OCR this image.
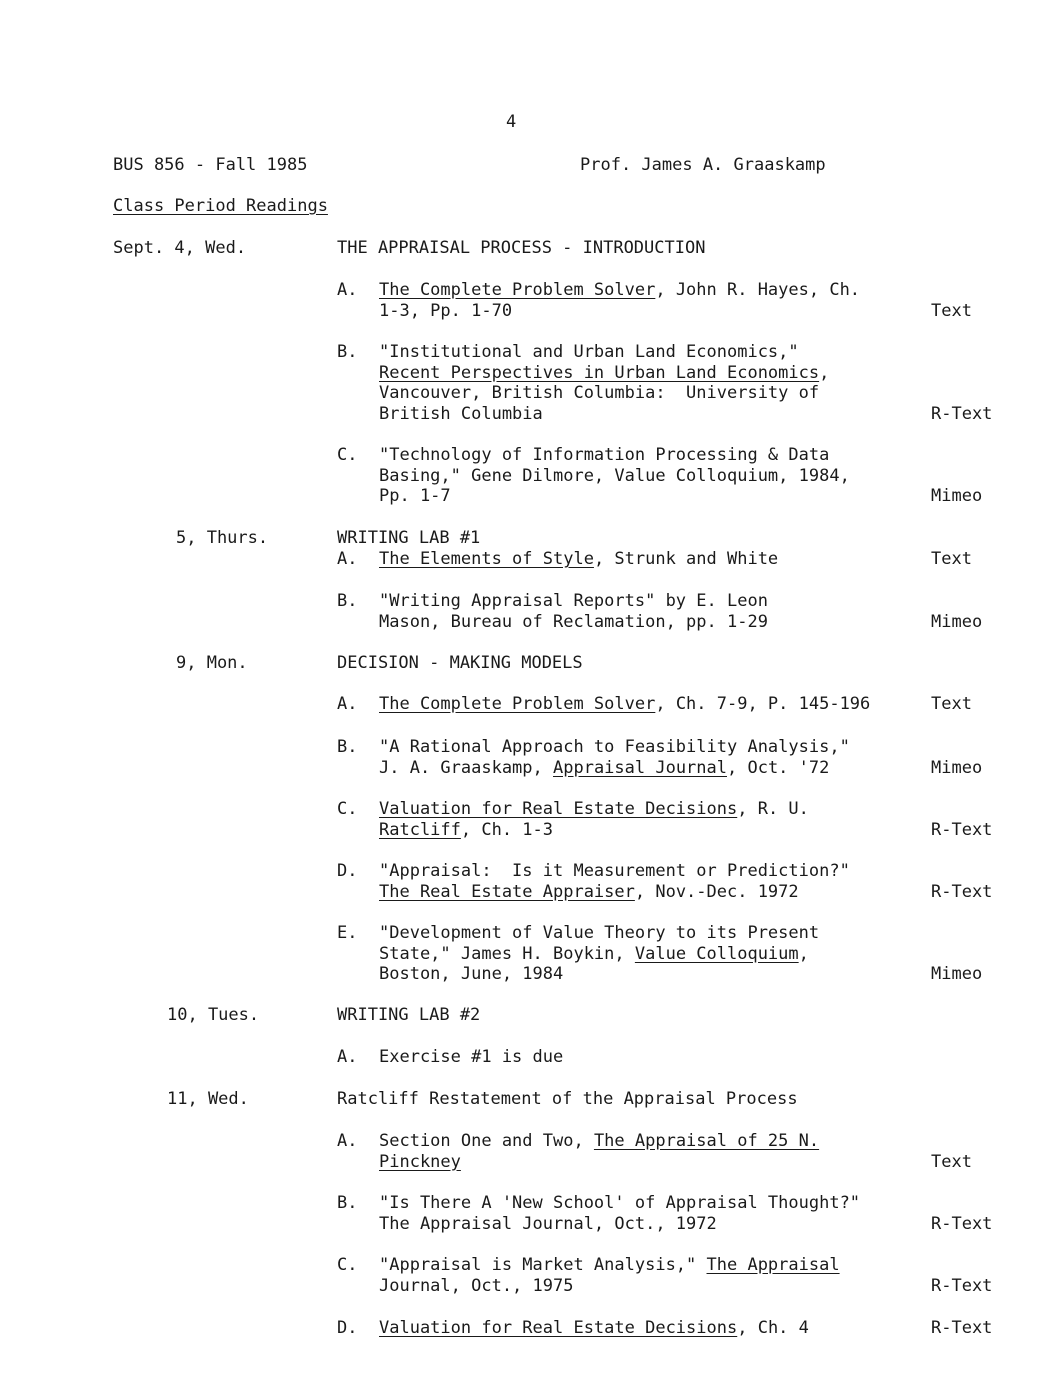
4
BUS 856 - Fall 1985	Prof. James A. Graaskamp
Class Period Readings
Sept. 4, Wed.	THE APPRAISAL PROCESS - INTRODUCTION
A. The Complete Problem Solver, John R. Hayes, Ch.
1-3, Pp. 1-70	Text
B. "Institutional and Urban Land Economics,"
Recent Perspectives in Urban Land Economics,
Vancouver, British Columbia:  University of
British Columbia	R-Text
C. "Technology of Information Processing & Data
Basing," Gene Dilmore, Value Colloquium, 1984,
Pp. 1-7	Mimeo
5, Thurs.	WRITING LAB #1
A. The Elements of Style, Strunk and White	Text
B. "Writing Appraisal Reports" by E. Leon
Mason, Bureau of Reclamation, pp. 1-29	Mimeo
9, Mon.	DECISION - MAKING MODELS
A. The Complete Problem Solver, Ch. 7-9, P. 145-196	Text
B. "A Rational Approach to Feasibility Analysis,"
J. A. Graaskamp, Appraisal Journal, Oct. '72	Mimeo
C. Valuation for Real Estate Decisions, R. U.
Ratcliff, Ch. 1-3	R-Text
D. "Appraisal:  Is it Measurement or Prediction?"
The Real Estate Appraiser, Nov.-Dec. 1972	R-Text
E. "Development of Value Theory to its Present
State," James H. Boykin, Value Colloquium,
Boston, June, 1984	Mimeo
10, Tues.	WRITING LAB #2
A. Exercise #1 is due
11, Wed.	Ratcliff Restatement of the Appraisal Process
A. Section One and Two, The Appraisal of 25 N.
Pinckney	Text
B. "Is There A 'New School' of Appraisal Thought?"
The Appraisal Journal, Oct., 1972	R-Text
C. "Appraisal is Market Analysis," The Appraisal
Journal, Oct., 1975	R-Text
D. Valuation for Real Estate Decisions, Ch. 4	R-Text
